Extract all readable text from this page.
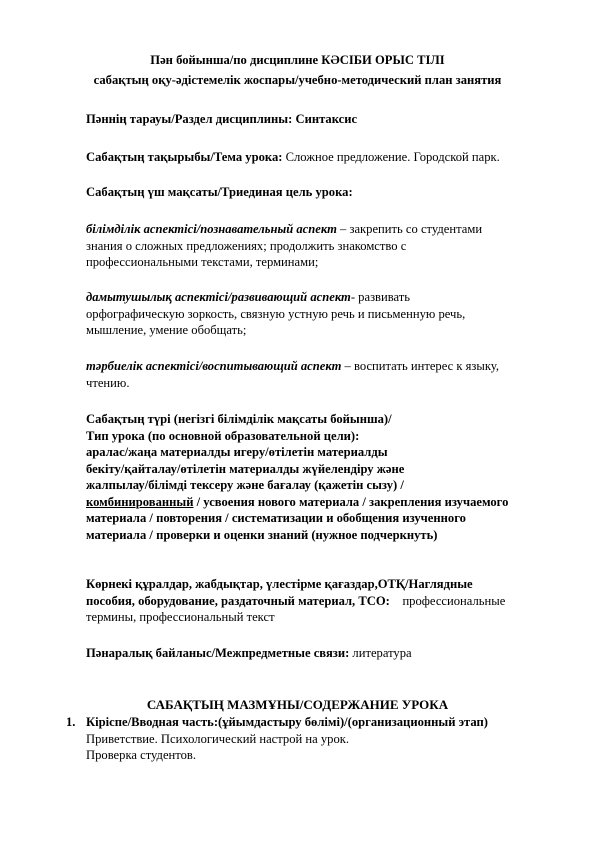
Пән бойынша/по дисциплине КӘСІБИ ОРЫС ТІЛІ
сабақтың оқу-әдістемелік жоспары/учебно-методический план занятия
Пәннің тарауы/Раздел дисциплины: Синтаксис
Сабақтың тақырыбы/Тема урока: Сложное предложение. Городской парк.
Сабақтың үш мақсаты/Триединая цель урока:
білімділік аспектісі/познавательный аспект – закрепить со студентами
знания о сложных предложениях; продолжить знакомство с
профессиональными текстами, терминами;
дамытушылық аспектісі/развивающий аспект- развивать
орфографическую зоркость, связную устную речь и письменную речь,
мышление, умение обобщать;
тәрбиелік аспектісі/воспитывающий аспект – воспитать интерес к языку,
чтению.
Сабақтың түрі (негізгі білімділік мақсаты бойынша)/
Тип урока (по основной образовательной цели):
аралас/жаңа материалды игеру/өтілетін материалды
бекіту/қайталау/өтілетін материалды жүйелендіру және
жалпылау/білімді тексеру және бағалау (қажетін сызу) /
комбинированный / усвоения нового материала / закрепления изучаемого
материала / повторения / систематизации и обобщения изученного
материала / проверки и оценки знаний (нужное подчеркнуть)
Көрнекі құралдар, жабдықтар, үлестірме қағаздар,ОТҚ/Наглядные
пособия, оборудование, раздаточный материал, ТСО:    профессиональные
термины, профессиональный текст
Пәнаралық байланыс/Межпредметные связи: литература
САБАҚТЫҢ МАЗМҰНЫ/СОДЕРЖАНИЕ УРОКА
1. Кіріспе/Вводная часть:(ұйымдастыру бөлімі)/(организационный этап)
Приветствие. Психологический настрой на урок.
Проверка студентов.
